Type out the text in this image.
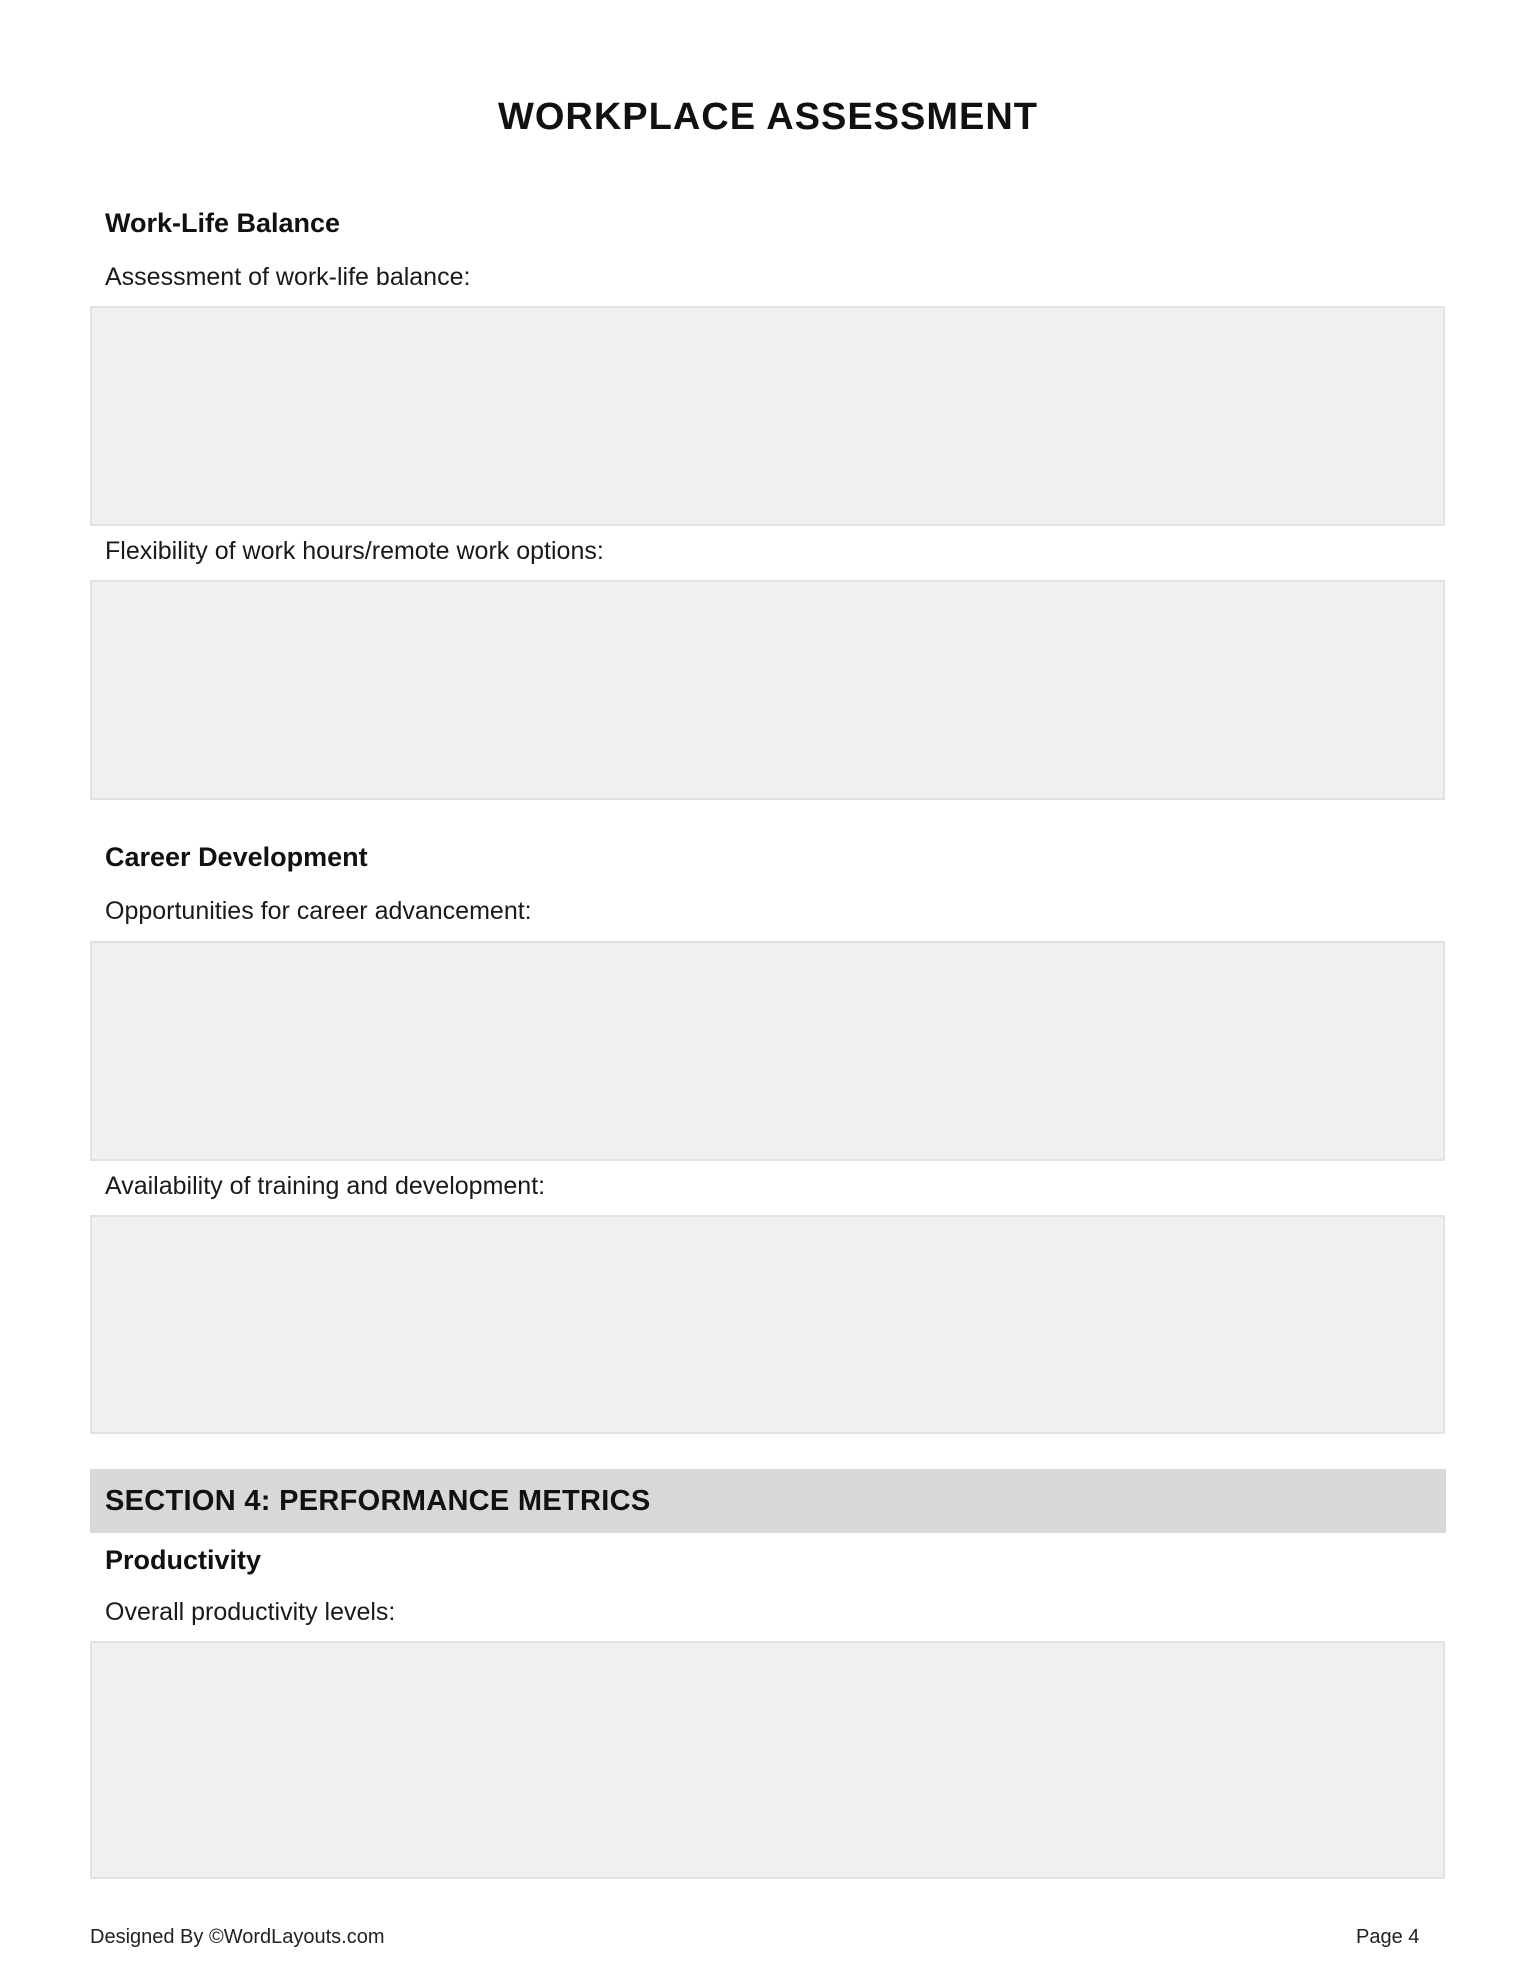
WORKPLACE ASSESSMENT
Work-Life Balance
Assessment of work-life balance:
Flexibility of work hours/remote work options:
Career Development
Opportunities for career advancement:
Availability of training and development:
SECTION 4: PERFORMANCE METRICS
Productivity
Overall productivity levels:
Designed By ©WordLayouts.com	Page 4
